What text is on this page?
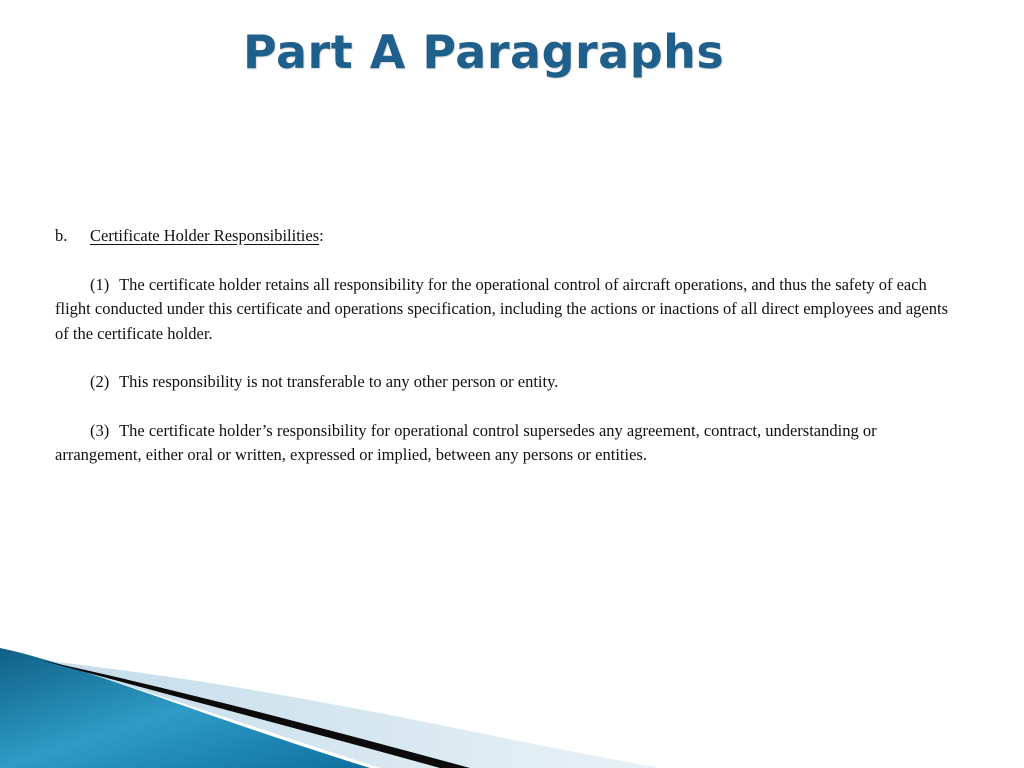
Part A Paragraphs

b. Certificate Holder Responsibilities:

(1) The certificate holder retains all responsibility for the operational control of aircraft operations, and thus the safety of each flight conducted under this certificate and operations specification, including the actions or inactions of all direct employees and agents of the certificate holder.

(2) This responsibility is not transferable to any other person or entity.

(3) The certificate holder’s responsibility for operational control supersedes any agreement, contract, understanding or arrangement, either oral or written, expressed or implied, between any persons or entities.
